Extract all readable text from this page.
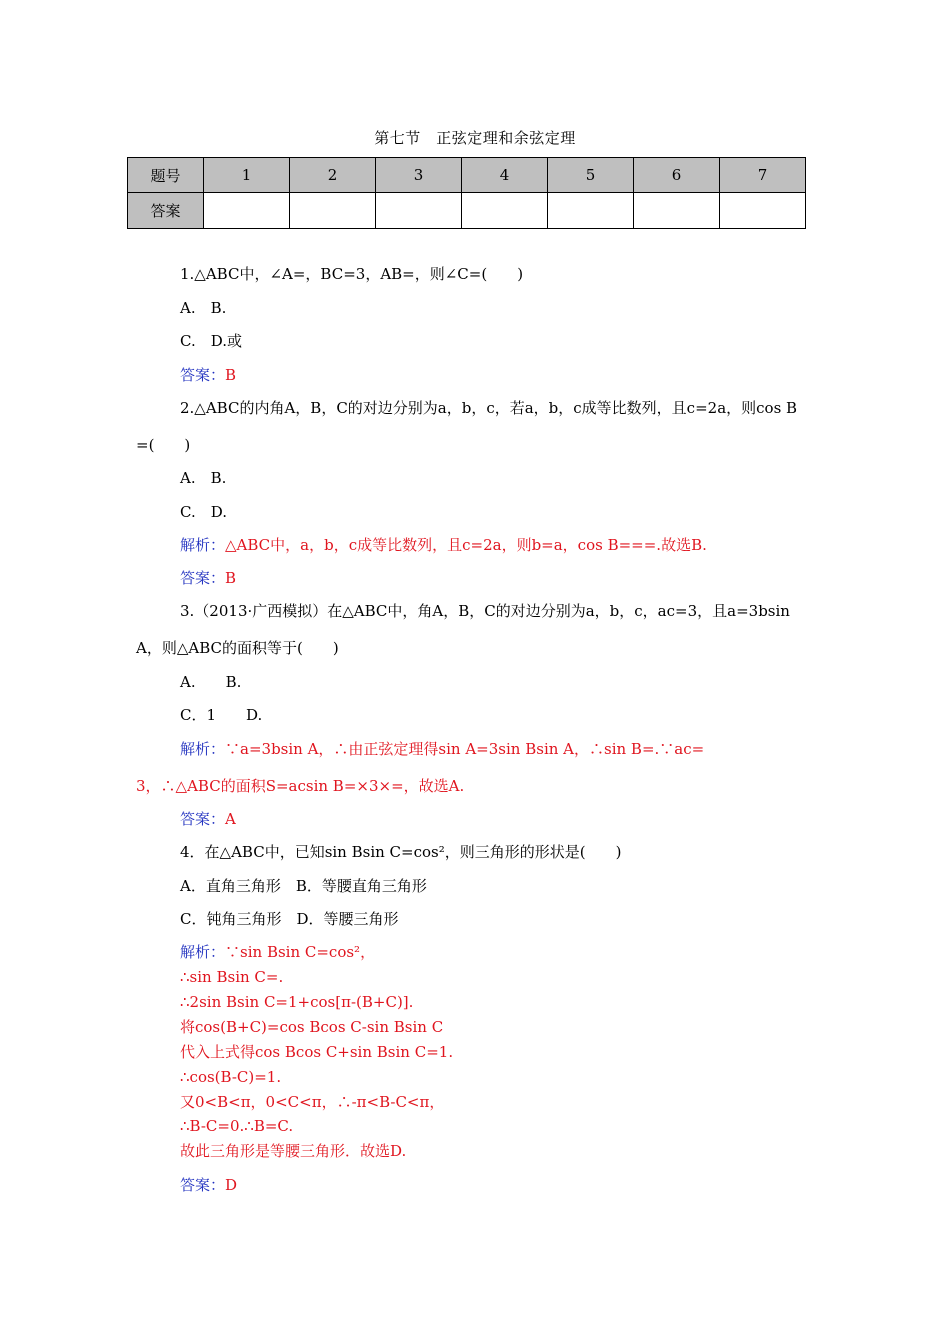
第七节　正弦定理和余弦定理
题号	1	2	3	4	5	6	7
答案							
1.△ABC中，∠A=，BC=3，AB=，则∠C=(　　)
A.　B.
C.　D.或
答案：B
2.△ABC的内角A，B，C的对边分别为a，b，c，若a，b，c成等比数列，且c=2a，则cos B
=(　　)
A.　B.
C.　D.
解析：△ABC中，a，b，c成等比数列，且c=2a，则b=a，cos B===.故选B.
答案：B
3.（2013·广西模拟）在△ABC中，角A，B，C的对边分别为a，b，c，ac=3，且a=3bsin
A，则△ABC的面积等于(　　)
A.　　B.
C．1　　D.
解析：∵a=3bsin A，∴由正弦定理得sin A=3sin Bsin A，∴sin B=.∵ac=
3，∴△ABC的面积S=acsin B=×3×=，故选A.
答案：A
4．在△ABC中，已知sin Bsin C=cos²，则三角形的形状是(　　)
A．直角三角形　B．等腰直角三角形
C．钝角三角形　D．等腰三角形
解析：∵sin Bsin C=cos²，
∴sin Bsin C=.
∴2sin Bsin C=1+cos[π-(B+C)].
将cos(B+C)=cos Bcos C-sin Bsin C
代入上式得cos Bcos C+sin Bsin C=1.
∴cos(B-C)=1.
又0<B<π，0<C<π，∴-π<B-C<π，
∴B-C=0.∴B=C.
故此三角形是等腰三角形．故选D.
答案：D
